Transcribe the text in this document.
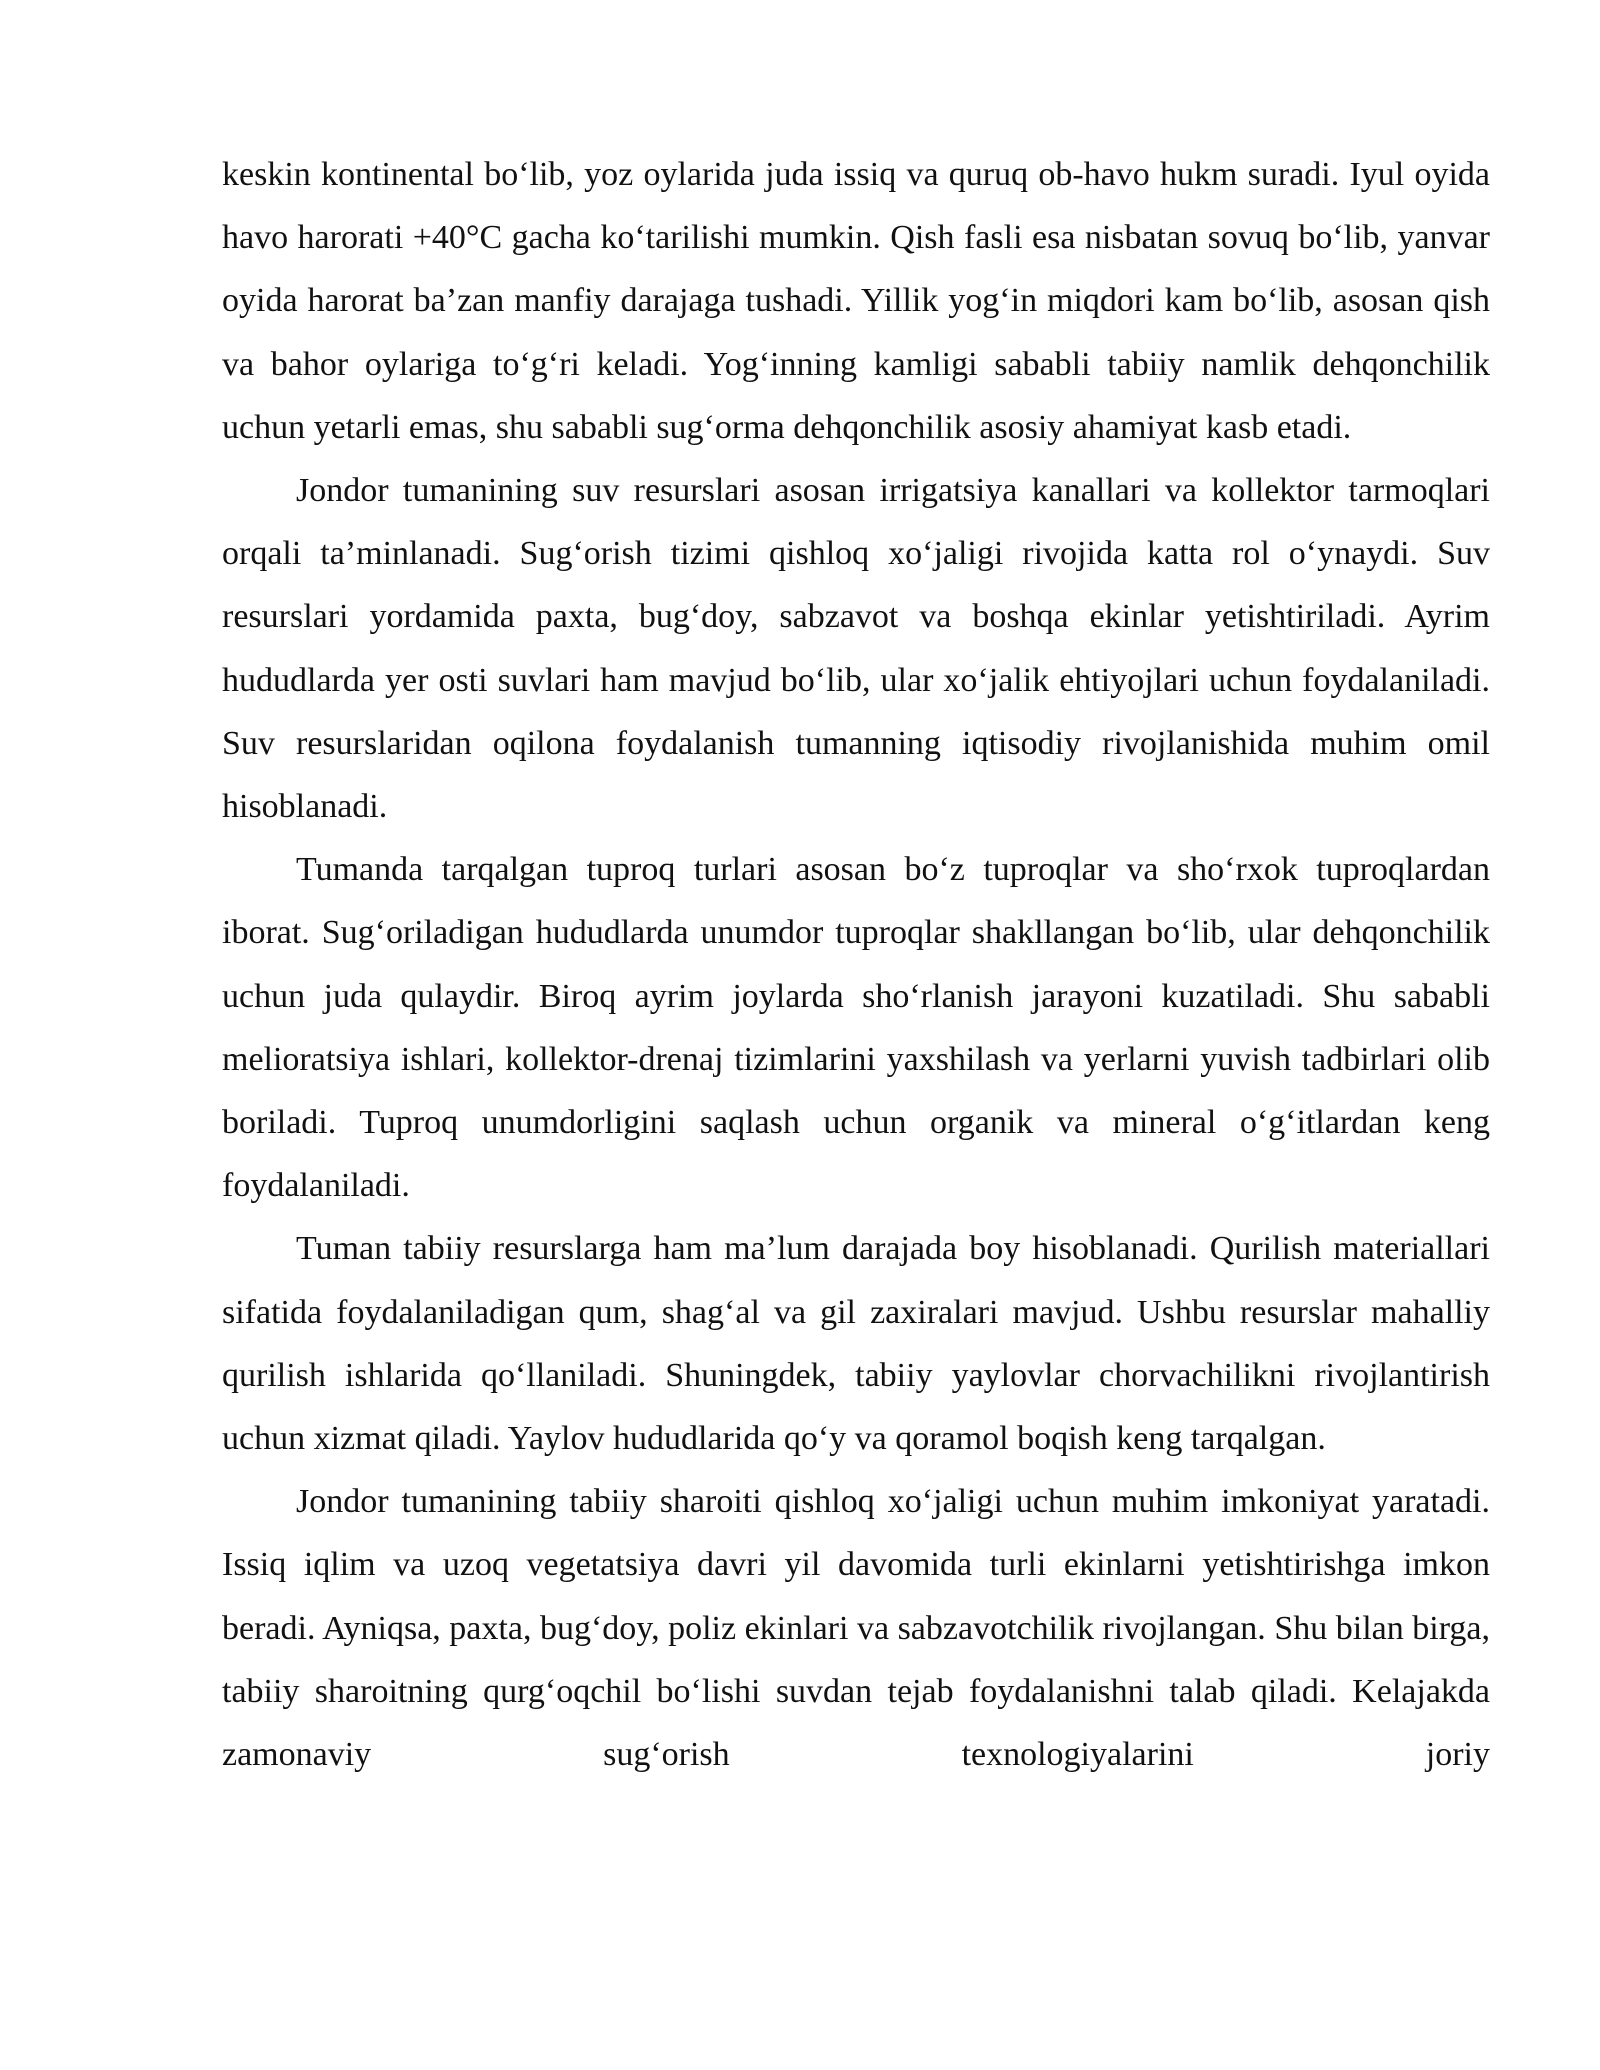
keskin kontinental bo‘lib, yoz oylarida juda issiq va quruq ob-havo hukm suradi. Iyul oyida havo harorati +40°C gacha ko‘tarilishi mumkin. Qish fasli esa nisbatan sovuq bo‘lib, yanvar oyida harorat ba’zan manfiy darajaga tushadi. Yillik yog‘in miqdori kam bo‘lib, asosan qish va bahor oylariga to‘g‘ri keladi. Yog‘inning kamligi sababli tabiiy namlik dehqonchilik uchun yetarli emas, shu sababli sug‘orma dehqonchilik asosiy ahamiyat kasb etadi.

Jondor tumanining suv resurslari asosan irrigatsiya kanallari va kollektor tarmoqlari orqali ta’minlanadi. Sug‘orish tizimi qishloq xo‘jaligi rivojida katta rol o‘ynaydi. Suv resurslari yordamida paxta, bug‘doy, sabzavot va boshqa ekinlar yetishtiriladi. Ayrim hududlarda yer osti suvlari ham mavjud bo‘lib, ular xo‘jalik ehtiyojlari uchun foydalaniladi. Suv resurslaridan oqilona foydalanish tumanning iqtisodiy rivojlanishida muhim omil hisoblanadi.

Tumanda tarqalgan tuproq turlari asosan bo‘z tuproqlar va sho‘rxok tuproqlardan iborat. Sug‘oriladigan hududlarda unumdor tuproqlar shakllangan bo‘lib, ular dehqonchilik uchun juda qulaydir. Biroq ayrim joylarda sho‘rlanish jarayoni kuzatiladi. Shu sababli melioratsiya ishlari, kollektor-drenaj tizimlarini yaxshilash va yerlarni yuvish tadbirlari olib boriladi. Tuproq unumdorligini saqlash uchun organik va mineral o‘g‘itlardan keng foydalaniladi.

Tuman tabiiy resurslarga ham ma’lum darajada boy hisoblanadi. Qurilish materiallari sifatida foydalaniladigan qum, shag‘al va gil zaxiralari mavjud. Ushbu resurslar mahalliy qurilish ishlarida qo‘llaniladi. Shuningdek, tabiiy yaylovlar chorvachilikni rivojlantirish uchun xizmat qiladi. Yaylov hududlarida qo‘y va qoramol boqish keng tarqalgan.

Jondor tumanining tabiiy sharoiti qishloq xo‘jaligi uchun muhim imkoniyat yaratadi. Issiq iqlim va uzoq vegetatsiya davri yil davomida turli ekinlarni yetishtirishga imkon beradi. Ayniqsa, paxta, bug‘doy, poliz ekinlari va sabzavotchilik rivojlangan. Shu bilan birga, tabiiy sharoitning qurg‘oqchil bo‘lishi suvdan tejab foydalanishni talab qiladi. Kelajakda zamonaviy sug‘orish texnologiyalarini joriy
